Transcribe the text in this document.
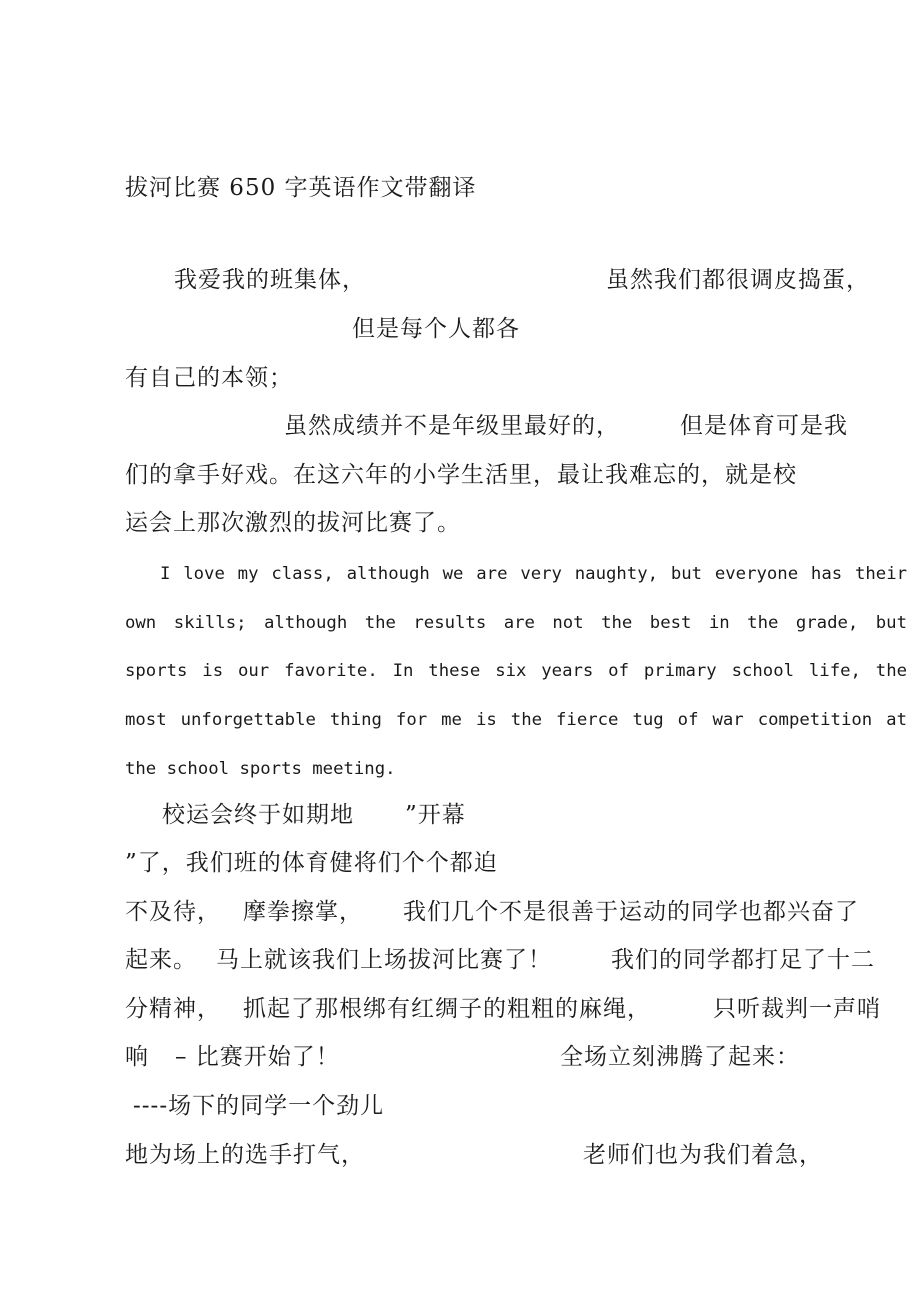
拔河比赛 650 字英语作文带翻译
我爱我的班集体，	虽然我们都很调皮捣蛋，
但是每个人都各
有自己的本领；
虽然成绩并不是年级里最好的，	但是体育可是我
们的拿手好戏。在这六年的小学生活里，最让我难忘的，就是校
运会上那次激烈的拔河比赛了。
I love my class, although we are very naughty, but everyone has their
own skills; although the results are not the best in the grade, but
sports is our favorite. In these six years of primary school life, the
most unforgettable thing for me is the fierce tug of war competition at
the school sports meeting.
校运会终于如期地 ”开幕
”了，我们班的体育健将们个个都迫
不及待， 摩拳擦掌， 我们几个不是很善于运动的同学也都兴奋了
起来。 马上就该我们上场拔河比赛了！	我们的同学都打足了十二
分精神， 抓起了那根绑有红绸子的粗粗的麻绳，	只听裁判一声哨
响 – 比赛开始了！	全场立刻沸腾了起来：
----场下的同学一个劲儿
地为场上的选手打气，	老师们也为我们着急，
